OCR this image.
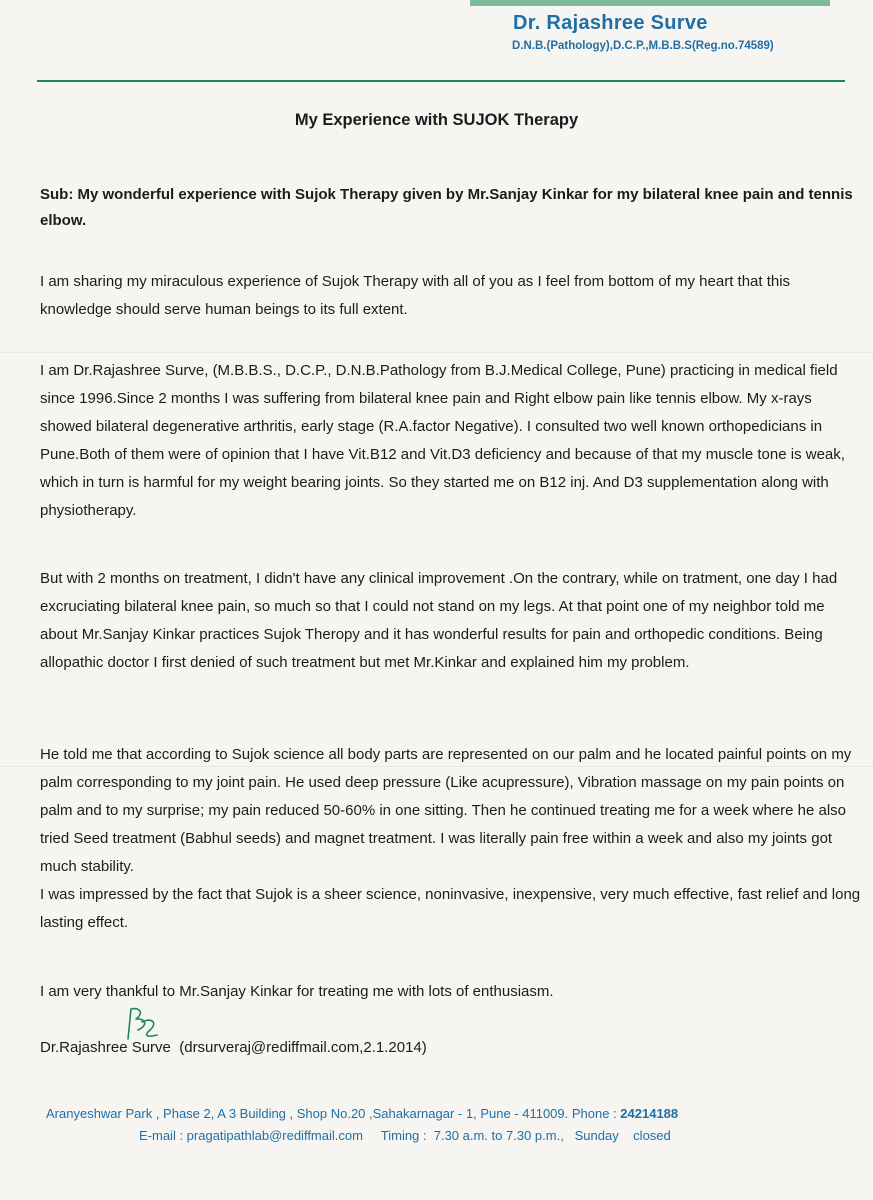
Dr. Rajashree Surve
D.N.B.(Pathology),D.C.P.,M.B.B.S(Reg.no.74589)
My Experience with SUJOK Therapy
Sub: My wonderful experience with Sujok Therapy given by Mr.Sanjay Kinkar for my bilateral knee pain and tennis elbow.
I am sharing my miraculous experience of Sujok Therapy with all of you as I feel from bottom of my heart that this knowledge should serve human beings to its full extent.
I am Dr.Rajashree Surve, (M.B.B.S., D.C.P., D.N.B.Pathology from B.J.Medical College, Pune) practicing in medical field since 1996.Since 2 months I was suffering from bilateral knee pain and Right elbow pain like tennis elbow. My x-rays showed bilateral degenerative arthritis, early stage (R.A.factor Negative). I consulted two well known orthopedicians in Pune.Both of them were of opinion that I have Vit.B12 and Vit.D3 deficiency and because of that my muscle tone is weak, which in turn is harmful for my weight bearing joints. So they started me on B12 inj. And D3 supplementation along with physiotherapy.
But with 2 months on treatment, I didn't have any clinical improvement .On the contrary, while on tratment, one day I had excruciating bilateral knee pain, so much so that I could not stand on my legs. At that point one of my neighbor told me about Mr.Sanjay Kinkar practices Sujok Theropy and it has wonderful results for pain and orthopedic conditions. Being allopathic doctor I first denied of such treatment but met Mr.Kinkar and explained him my problem.
He told me that according to Sujok science all body parts are represented on our palm and he located painful points on my palm corresponding to my joint pain. He used deep pressure (Like acupressure), Vibration massage on my pain points on palm and to my surprise; my pain reduced 50-60% in one sitting. Then he continued treating me for a week where he also tried Seed treatment (Babhul seeds) and magnet treatment. I was literally pain free within a week and also my joints got much stability.
I was impressed by the fact that Sujok is a sheer science, noninvasive, inexpensive, very much effective, fast relief and long lasting effect.
I am very thankful to Mr.Sanjay Kinkar for treating me with lots of enthusiasm.
Dr.Rajashree Surve  (drsurveraj@rediffmail.com,2.1.2014)
Aranyeshwar Park , Phase 2, A 3 Building , Shop No.20 ,Sahakarnagar - 1, Pune - 411009. Phone : 24214188
E-mail : pragatipathlab@rediffmail.com     Timing :  7.30 a.m. to 7.30 p.m.,   Sunday    closed
